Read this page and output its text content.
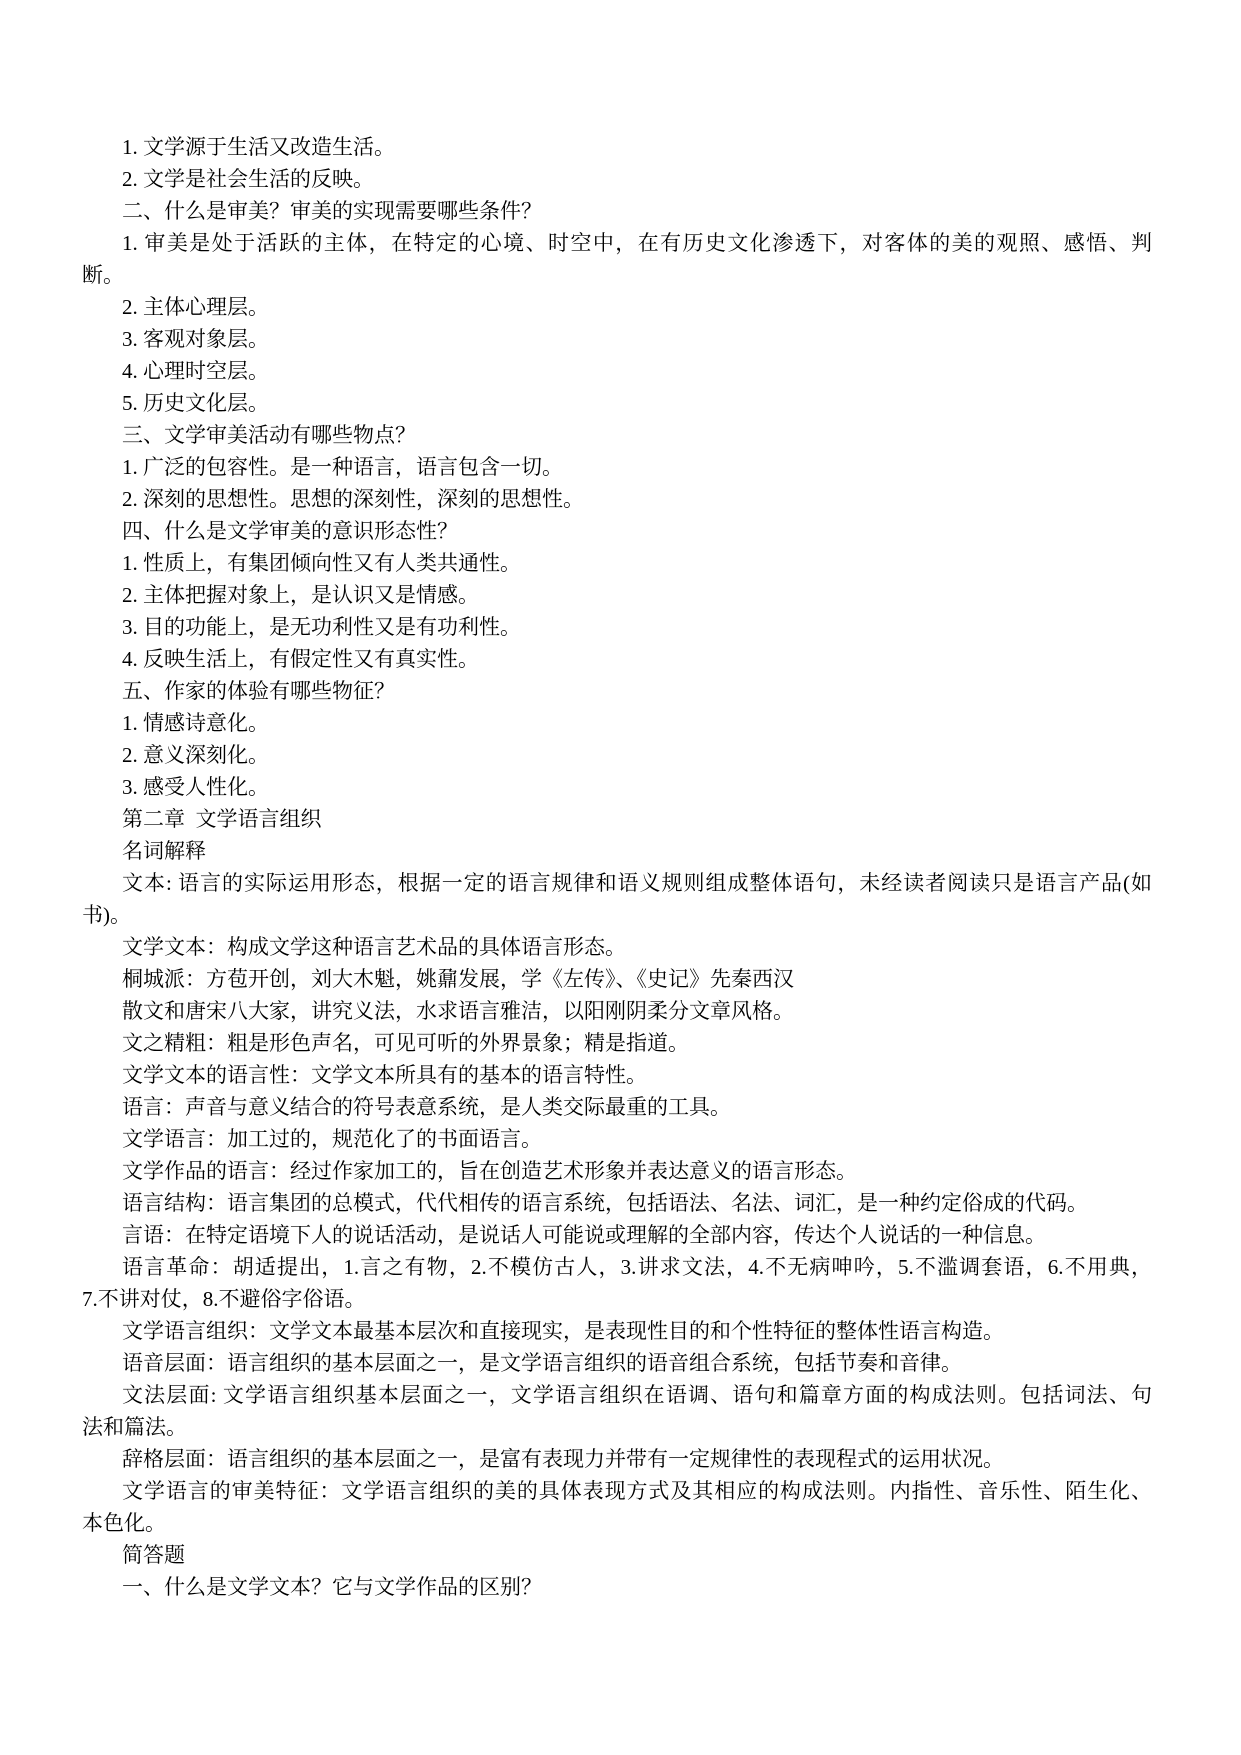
1. 文学源于生活又改造生活。
2. 文学是社会生活的反映。
二、什么是审美？审美的实现需要哪些条件？
1. 审美是处于活跃的主体，在特定的心境、时空中，在有历史文化渗透下，对客体的美的观照、感悟、判
断。
2. 主体心理层。
3. 客观对象层。
4. 心理时空层。
5. 历史文化层。
三、文学审美活动有哪些物点？
1. 广泛的包容性。是一种语言，语言包含一切。
2. 深刻的思想性。思想的深刻性，深刻的思想性。
四、什么是文学审美的意识形态性？
1. 性质上，有集团倾向性又有人类共通性。
2. 主体把握对象上，是认识又是情感。
3. 目的功能上，是无功利性又是有功利性。
4. 反映生活上，有假定性又有真实性。
五、作家的体验有哪些物征？
1. 情感诗意化。
2. 意义深刻化。
3. 感受人性化。
第二章  文学语言组织
名词解释
文本: 语言的实际运用形态，根据一定的语言规律和语义规则组成整体语句，未经读者阅读只是语言产品(如
书)。
文学文本：构成文学这种语言艺术品的具体语言形态。
桐城派：方苞开创，刘大木魁，姚鼐发展，学《左传》、《史记》先秦西汉
散文和唐宋八大家，讲究义法，水求语言雅洁，以阳刚阴柔分文章风格。
文之精粗：粗是形色声名，可见可听的外界景象；精是指道。
文学文本的语言性：文学文本所具有的基本的语言特性。
语言：声音与意义结合的符号表意系统，是人类交际最重的工具。
文学语言：加工过的，规范化了的书面语言。
文学作品的语言：经过作家加工的，旨在创造艺术形象并表达意义的语言形态。
语言结构：语言集团的总模式，代代相传的语言系统，包括语法、名法、词汇，是一种约定俗成的代码。
言语：在特定语境下人的说话活动，是说话人可能说或理解的全部内容，传达个人说话的一种信息。
语言革命：胡适提出，1.言之有物，2.不模仿古人，3.讲求文法，4.不无病呻吟，5.不滥调套语，6.不用典，
7.不讲对仗，8.不避俗字俗语。
文学语言组织：文学文本最基本层次和直接现实，是表现性目的和个性特征的整体性语言构造。
语音层面：语言组织的基本层面之一，是文学语言组织的语音组合系统，包括节奏和音律。
文法层面: 文学语言组织基本层面之一，文学语言组织在语调、语句和篇章方面的构成法则。包括词法、句
法和篇法。
辞格层面：语言组织的基本层面之一，是富有表现力并带有一定规律性的表现程式的运用状况。
文学语言的审美特征：文学语言组织的美的具体表现方式及其相应的构成法则。内指性、音乐性、陌生化、
本色化。
简答题
一、什么是文学文本？它与文学作品的区别？
